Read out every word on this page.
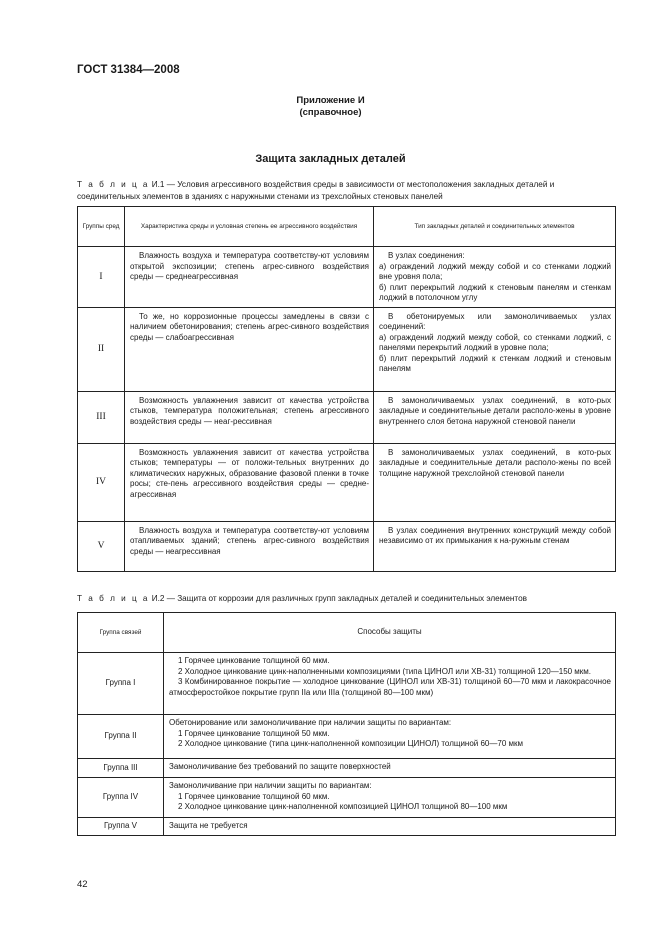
ГОСТ 31384—2008
Приложение И
(справочное)
Защита закладных деталей
Т а б л и ц а И.1 — Условия агрессивного воздействия среды в зависимости от местоположения закладных деталей и соединительных элементов в зданиях с наружными стенами из трехслойных стеновых панелей
Группы сред	Характеристика среды и условная степень ее агрессивного воздействия	Тип закладных деталей и соединительных элементов
I	Влажность воздуха и температура соответству-ют условиям открытой экспозиции; степень агрес-сивного воздействия среды — среднеагрессивная	В узлах соединения:
а) ограждений лоджий между собой и со стенками лоджий вне уровня пола;
б) плит перекрытий лоджий к стеновым панелям и стенкам лоджий в потолочном углу

II	То же, но коррозионные процессы замедлены в связи с наличием обетонирования; степень агрес-сивного воздействия среды — слабоагрессивная	В обетонируемых или замоноличиваемых узлах соединений:
а) ограждений лоджий между собой, со стенками лоджий, с панелями перекрытий лоджий в уровне пола;
б) плит перекрытий лоджий к стенкам лоджий и стеновым панелям

III	Возможность увлажнения зависит от качества устройства стыков, температура положительная; степень агрессивного воздействия среды — неаг-рессивная	В замоноличиваемых узлах соединений, в кото-рых закладные и соединительные детали располо-жены в уровне внутреннего слоя бетона наружной стеновой панели

IV	Возможность увлажнения зависит от качества устройства стыков; температуры — от положи-тельных внутренних до климатических наружных, образование фазовой пленки в точке росы; сте-пень агрессивного воздействия среды — средне-агрессивная	В замоноличиваемых узлах соединений, в кото-рых закладные и соединительные детали располо-жены по всей толщине наружной трехслойной стеновой панели

V	Влажность воздуха и температура соответству-ют условиям отапливаемых зданий; степень агрес-сивного воздействия среды — неагрессивная	В узлах соединения внутренних конструкций между собой независимо от их примыкания к на-ружным стенам
Т а б л и ц а И.2 — Защита от коррозии для различных групп закладных деталей и соединительных элементов
Группа связей	Способы защиты
Группа I	1 Горячее цинкование толщиной 60 мкм.
2 Холодное цинкование цинк-наполненными композициями (типа ЦИНОЛ или ХВ-31) толщиной 120—150 мкм.
3 Комбинированное покрытие — холодное цинкование (ЦИНОЛ или ХВ-31) толщиной 60—70 мкм и лакокрасочное атмосферостойкое покрытие групп IIа или IIIа (толщиной 80—100 мкм)

Группа II	Обетонирование или замоноличивание при наличии защиты по вариантам:
1 Горячее цинкование толщиной 50 мкм.
2 Холодное цинкование (типа цинк-наполненной композиции ЦИНОЛ) толщиной 60—70 мкм

Группа III	Замоноличивание без требований по защите поверхностей

Группа IV	Замоноличивание при наличии защиты по вариантам:
1 Горячее цинкование толщиной 60 мкм.
2 Холодное цинкование цинк-наполненной композицией ЦИНОЛ толщиной 80—100 мкм

Группа V	Защита не требуется
42
